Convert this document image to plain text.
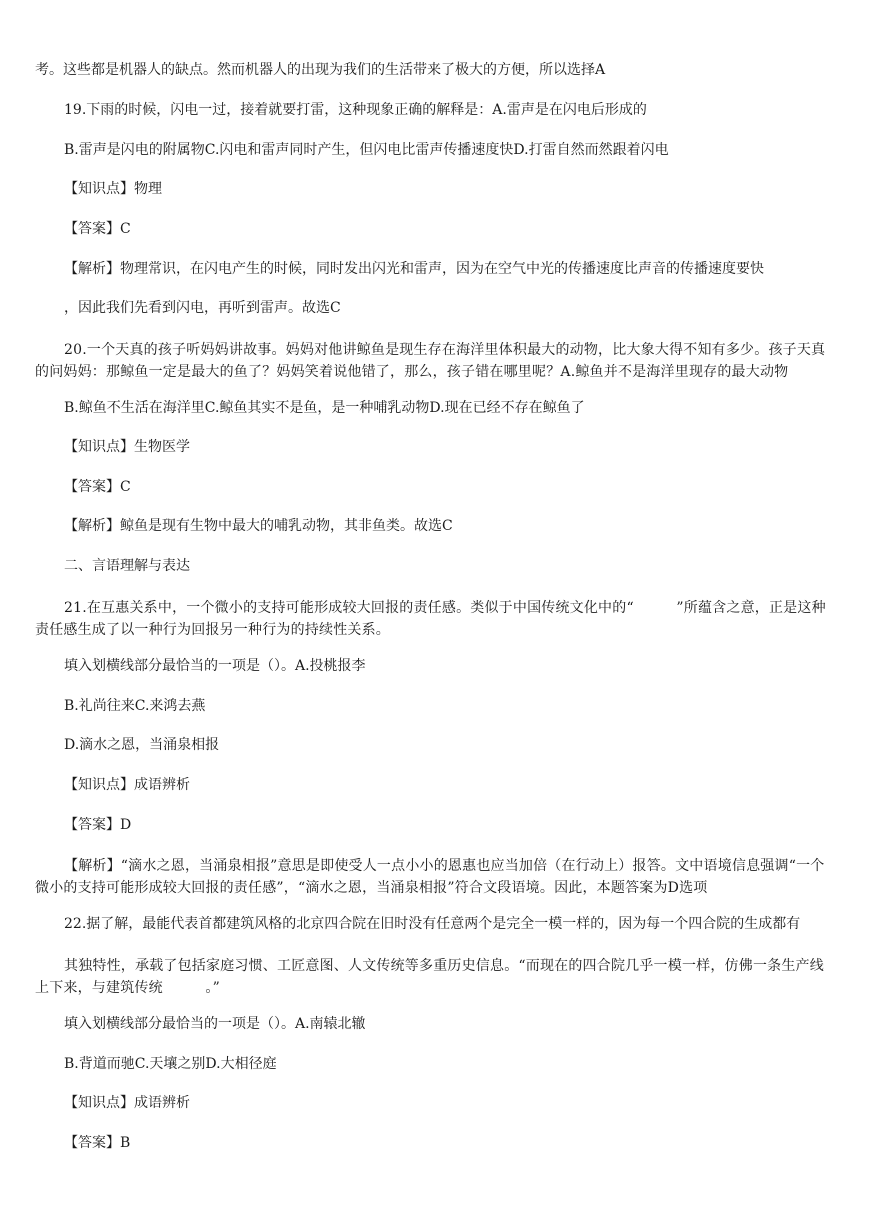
考。这些都是机器人的缺点。然而机器人的出现为我们的生活带来了极大的方便，所以选择A
19.下雨的时候，闪电一过，接着就要打雷，这种现象正确的解释是：A.雷声是在闪电后形成的
B.雷声是闪电的附属物C.闪电和雷声同时产生，但闪电比雷声传播速度快D.打雷自然而然跟着闪电
【知识点】物理
【答案】C
【解析】物理常识，在闪电产生的时候，同时发出闪光和雷声，因为在空气中光的传播速度比声音的传播速度要快
，因此我们先看到闪电，再听到雷声。故选C
20.一个天真的孩子听妈妈讲故事。妈妈对他讲鲸鱼是现生存在海洋里体积最大的动物，比大象大得不知有多少。孩子天真的问妈妈：那鲸鱼一定是最大的鱼了？妈妈笑着说他错了，那么，孩子错在哪里呢？A.鲸鱼并不是海洋里现存的最大动物
B.鲸鱼不生活在海洋里C.鲸鱼其实不是鱼，是一种哺乳动物D.现在已经不存在鲸鱼了
【知识点】生物医学
【答案】C
【解析】鲸鱼是现有生物中最大的哺乳动物，其非鱼类。故选C
二、言语理解与表达
21.在互惠关系中，一个微小的支持可能形成较大回报的责任感。类似于中国传统文化中的“　　　”所蕴含之意，正是这种责任感生成了以一种行为回报另一种行为的持续性关系。
填入划横线部分最恰当的一项是（）。A.投桃报李
B.礼尚往来C.来鸿去燕
D.滴水之恩，当涌泉相报
【知识点】成语辨析
【答案】D
【解析】“滴水之恩，当涌泉相报”意思是即使受人一点小小的恩惠也应当加倍（在行动上）报答。文中语境信息强调“一个微小的支持可能形成较大回报的责任感”，“滴水之恩，当涌泉相报”符合文段语境。因此，本题答案为D选项
22.据了解，最能代表首都建筑风格的北京四合院在旧时没有任意两个是完全一模一样的，因为每一个四合院的生成都有
其独特性，承载了包括家庭习惯、工匠意图、人文传统等多重历史信息。“而现在的四合院几乎一模一样，仿佛一条生产线上下来，与建筑传统　　　。”
填入划横线部分最恰当的一项是（）。A.南辕北辙
B.背道而驰C.天壤之别D.大相径庭
【知识点】成语辨析
【答案】B
